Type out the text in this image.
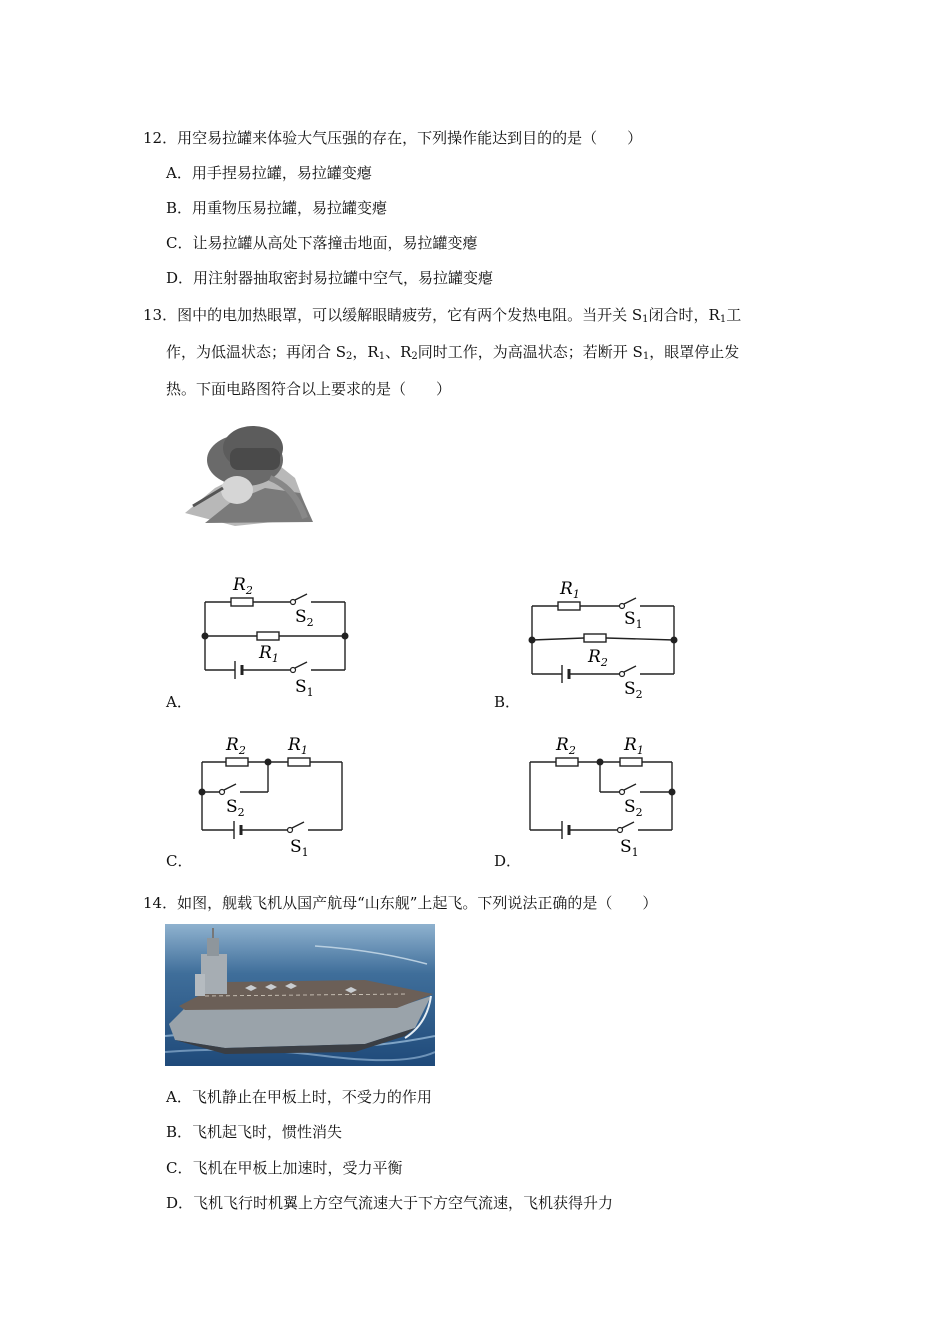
12．用空易拉罐来体验大气压强的存在，下列操作能达到目的的是（　　）
A．用手捏易拉罐，易拉罐变瘪
B．用重物压易拉罐，易拉罐变瘪
C．让易拉罐从高处下落撞击地面，易拉罐变瘪
D．用注射器抽取密封易拉罐中空气，易拉罐变瘪
13．图中的电加热眼罩，可以缓解眼睛疲劳，它有两个发热电阻。当开关 $S_1$闭合时，$R_1$工
作，为低温状态；再闭合 $S_2$，$R_1$、$R_2$同时工作，为高温状态；若断开 $S_1$，眼罩停止发
热。下面电路图符合以上要求的是（　　）
$R_2$
$S_2$
$R_1$
$S_1$
A．
$R_1$
$S_1$
$R_2$
$S_2$
B．
$R_2$ $R_1$
$S_2$
$S_1$
C．
$R_2$	$R_1$
$S_2$
$S_1$
D．
14．如图，舰载飞机从国产航母“山东舰”上起飞。下列说法正确的是（　　）
A．飞机静止在甲板上时，不受力的作用
B．飞机起飞时，惯性消失
C．飞机在甲板上加速时，受力平衡
D．飞机飞行时机翼上方空气流速大于下方空气流速，飞机获得升力
